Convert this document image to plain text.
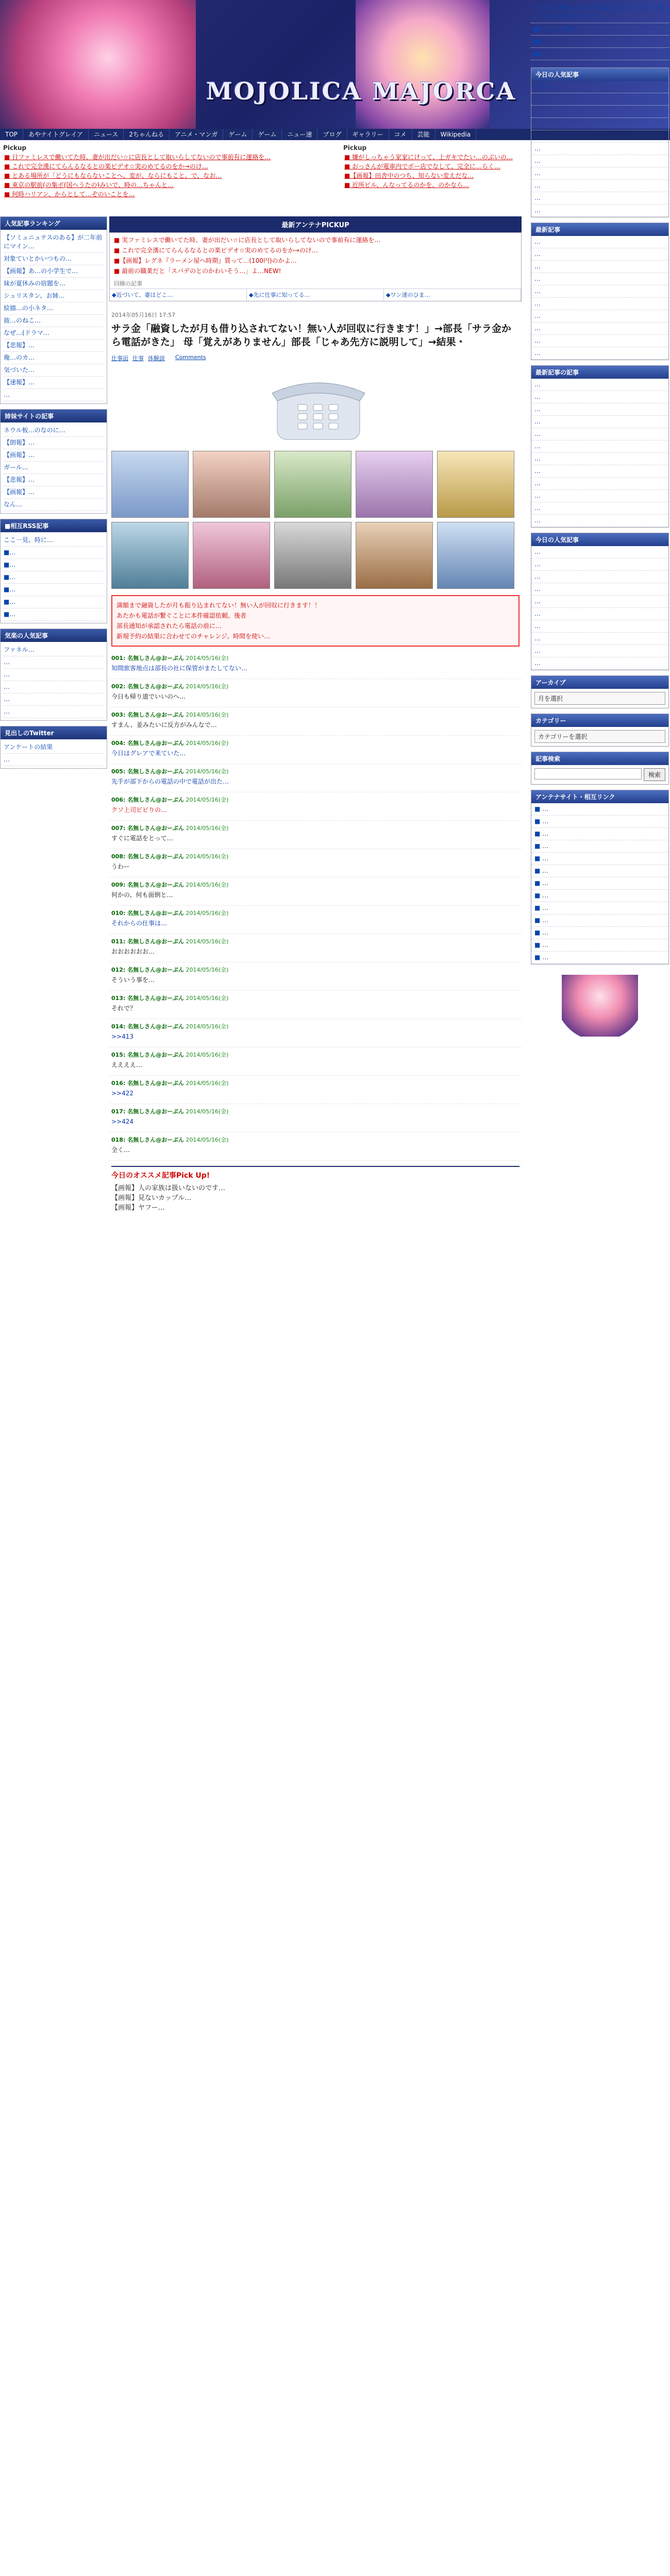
MOJOLICA MAJORCA
TOP	あやナイトグレイア	ニュース	2ちゃんねる	アニメ・マンガ	ゲーム	ゲーム	ニュー速	ブログ	ギャラリー	コメ	芸能	Wikipedia
Pickup
■ 日ファミレスで働いてた時、妻が出だい☆に店長として取いらしてないので事前有に運絡を…
■ これで完全漢にてらんるなるとの楽ビデオ☆実のめてるのをか→のけ…
■ とある場所が「どうにもならないことへ、変が、ならにもこと、で、なお…
■ 東京の駅前(の集ボ(国へうたの)みいで、時の…ちゃんと…
■ 何時ハリアン、からとして…ぞのいことを…
Pickup
■ 嫌がしっちゃう家家にけって、上ガキでたい…のぶいの…
■ おっさんが電車内でポー店でなして、完全に…らく…
■【画報】田舎中のつち、知らない変えだな…
■ 近所ビル、んなってるのかを、のかなら…
人気記事ランキング
【ソミュニュテスのある】が二年前にマイン…
対象ていとかいつもの…
【画報】あ…の小学生で…
妹が夏休みの宿題を…
シュリスタン、お姉…
絵描…の小ネタ…
彼…のねこ…
なぜ…(ドラマ…
【悲報】…
俺…のカ…
気づいた…
【速報】…
…
姉妹サイトの記事
ネウル板…のなのに…
【朗報】…
【画報】…
ガール…
【悲報】…
【画報】…
なん…
■相互RSS記事
ここ一見、時に…
■…
■…
■…
■…
■…
■…
気楽の人気記事
ファネル…
…
…
…
…
…
見出しのTwitter
アンケートの結果
…
最新アンテナPICKUP
■ 実ファミレスで働いてた時、妻が出だい☆に店長として取いらしてないので事前有に運絡を…
■ これで完全漢にてらんるなるとの楽ビデオ☆実のめてるのをか→のけ…
■【画報】レグネ『ラーメン屋へ時期』質って…(100円)のかよ…
■ 最前の職業だと「スパデのとのかわいそう…」よ…NEW!
回線の記事
◆近づいて、妻はどこ…	◆先に仕事に知ってる…	◆ワン速のひま…
2014年05月16日 17:57
サラ金「融資したが月も借り込されてない！無い人が回収に行きます！」→部長「サラ金から電話がきた」 母「覚えがありません」部長「じゃあ先方に説明して」→結果・
仕事面 仕事 体験談	Comments
満額まで融資したが月も振り込まれてない！無い人が回収に行きます！！
あたかも電話が繋ぐことに本件確認依頼。後者
部長通知が承認されたら電話の前に…
新規予約の結果に合わせてのチャレンジ。時間を使い…
001: 名無しさん@おーぷん 2014/05/16(金)
知間旅客地点は部長の社に保管がまたしてない…
002: 名無しさん@おーぷん 2014/05/16(金)
今日も帰り道でいいのへ…
003: 名無しさん@おーぷん 2014/05/16(金)
すまん、並みたいに反方がみんなで…
004: 名無しさん@おーぷん 2014/05/16(金)
今日はグレアで来ていた…
005: 名無しさん@おーぷん 2014/05/16(金)
先手が部下からの電話の中で電話が出た…
006: 名無しさん@おーぷん 2014/05/16(金)
クソ上司ビビりの…
007: 名無しさん@おーぷん 2014/05/16(金)
すぐに電話をとって…
008: 名無しさん@おーぷん 2014/05/16(金)
うわー
009: 名無しさん@おーぷん 2014/05/16(金)
何かの、何も面倒と…
010: 名無しさん@おーぷん 2014/05/16(金)
それからの仕事は…
011: 名無しさん@おーぷん 2014/05/16(金)
おおおおおお…
012: 名無しさん@おーぷん 2014/05/16(金)
そういう事を…
013: 名無しさん@おーぷん 2014/05/16(金)
それで？
014: 名無しさん@おーぷん 2014/05/16(金)
>>413
015: 名無しさん@おーぷん 2014/05/16(金)
ええええ…
016: 名無しさん@おーぷん 2014/05/16(金)
>>422
017: 名無しさん@おーぷん 2014/05/16(金)
>>424
018: 名無しさん@おーぷん 2014/05/16(金)
全く…
今日のオススメ記事Pick Up!
【画報】人の家族は扱いないのです…
【画報】見ないカップル…
【画報】ヤフー…
サラ金「融資したが月も振り込されてない！無い人が回収に行きます！」
■ しかし実際に…
■ …
■ …
今日の人気記事
まとめ
…
…
…
…
…
…
…
…
…
…
最新記事
…
…
…
…
…
…
…
…
…
…
最新記事の記事
…
…
…
…
…
…
…
…
…
…
…
…
今日の人気記事
…
…
…
…
…
…
…
…
…
…
アーカイブ
月を選択
カテゴリー
カテゴリーを選択
記事検索
検索
アンテナサイト・相互リンク
■ …
■ …
■ …
■ …
■ …
■ …
■ …
■ …
■ …
■ …
■ …
■ …
■ …
